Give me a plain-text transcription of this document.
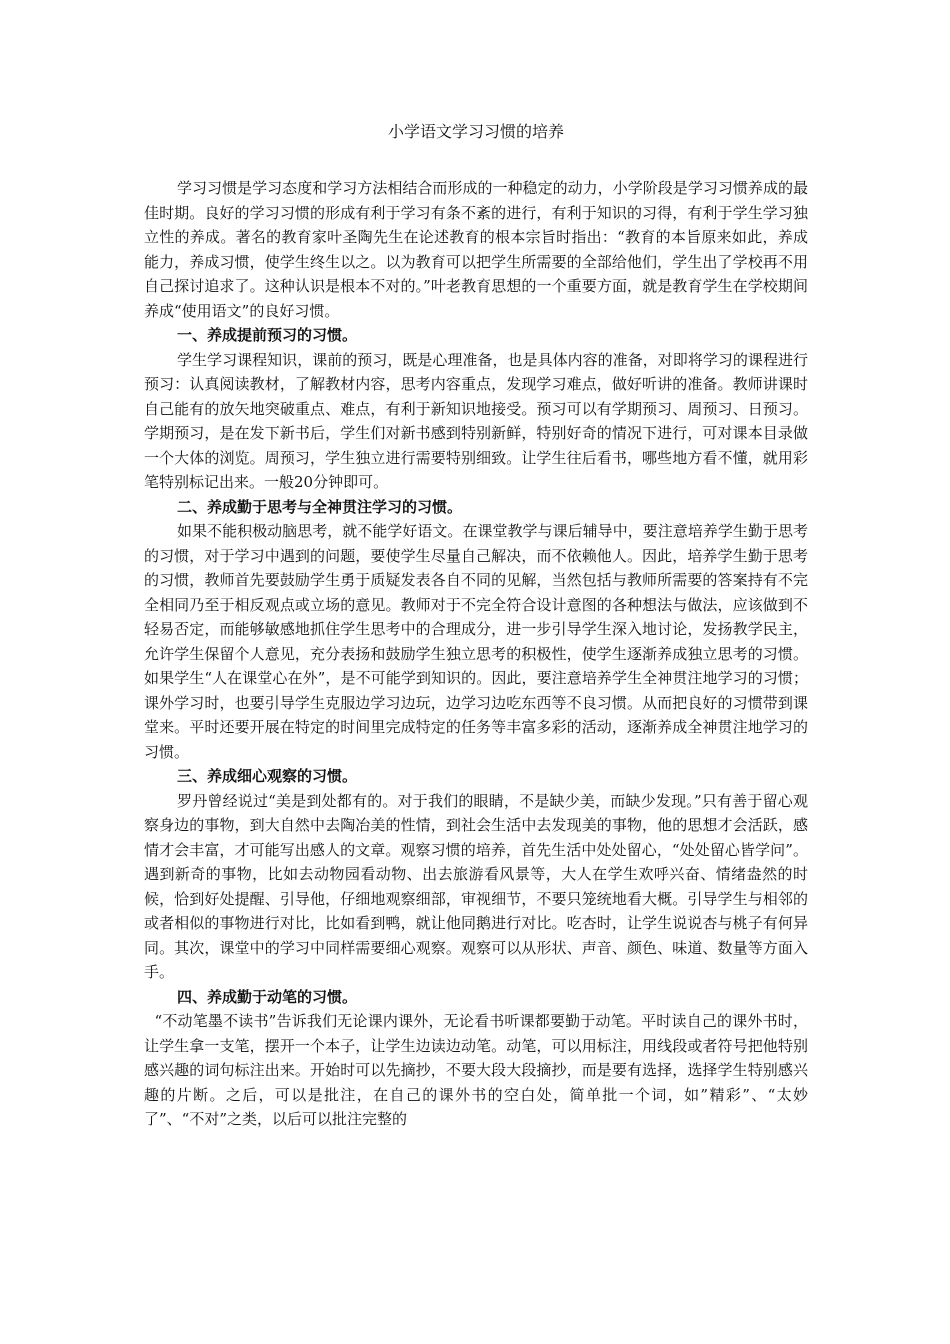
小学语文学习习惯的培养

学习习惯是学习态度和学习方法相结合而形成的一种稳定的动力，小学阶段是学习习惯养成的最佳时期。良好的学习习惯的形成有利于学习有条不紊的进行，有利于知识的习得，有利于学生学习独立性的养成。著名的教育家叶圣陶先生在论述教育的根本宗旨时指出：“教育的本旨原来如此，养成能力，养成习惯，使学生终生以之。以为教育可以把学生所需要的全部给他们，学生出了学校再不用自己探讨追求了。这种认识是根本不对的。”叶老教育思想的一个重要方面，就是教育学生在学校期间养成“使用语文”的良好习惯。

一、养成提前预习的习惯。

学生学习课程知识，课前的预习，既是心理准备，也是具体内容的准备，对即将学习的课程进行预习：认真阅读教材，了解教材内容，思考内容重点，发现学习难点，做好听讲的准备。教师讲课时自己能有的放矢地突破重点、难点，有利于新知识地接受。预习可以有学期预习、周预习、日预习。学期预习，是在发下新书后，学生们对新书感到特别新鲜，特别好奇的情况下进行，可对课本目录做一个大体的浏览。周预习，学生独立进行需要特别细致。让学生往后看书，哪些地方看不懂，就用彩笔特别标记出来。一般20分钟即可。

二、养成勤于思考与全神贯注学习的习惯。

如果不能积极动脑思考，就不能学好语文。在课堂教学与课后辅导中，要注意培养学生勤于思考的习惯，对于学习中遇到的问题，要使学生尽量自己解决，而不依赖他人。因此，培养学生勤于思考的习惯，教师首先要鼓励学生勇于质疑发表各自不同的见解，当然包括与教师所需要的答案持有不完全相同乃至于相反观点或立场的意见。教师对于不完全符合设计意图的各种想法与做法，应该做到不轻易否定，而能够敏感地抓住学生思考中的合理成分，进一步引导学生深入地讨论，发扬教学民主，允许学生保留个人意见，充分表扬和鼓励学生独立思考的积极性，使学生逐渐养成独立思考的习惯。如果学生“人在课堂心在外”，是不可能学到知识的。因此，要注意培养学生全神贯注地学习的习惯；课外学习时，也要引导学生克服边学习边玩，边学习边吃东西等不良习惯。从而把良好的习惯带到课堂来。平时还要开展在特定的时间里完成特定的任务等丰富多彩的活动，逐渐养成全神贯注地学习的习惯。

三、养成细心观察的习惯。

罗丹曾经说过“美是到处都有的。对于我们的眼睛，不是缺少美，而缺少发现。”只有善于留心观察身边的事物，到大自然中去陶冶美的性情，到社会生活中去发现美的事物，他的思想才会活跃，感情才会丰富，才可能写出感人的文章。观察习惯的培养，首先生活中处处留心，“处处留心皆学问”。遇到新奇的事物，比如去动物园看动物、出去旅游看风景等，大人在学生欢呼兴奋、情绪盎然的时候，恰到好处提醒、引导他，仔细地观察细部，审视细节，不要只笼统地看大概。引导学生与相邻的或者相似的事物进行对比，比如看到鸭，就让他同鹅进行对比。吃杏时，让学生说说杏与桃子有何异同。其次，课堂中的学习中同样需要细心观察。观察可以从形状、声音、颜色、味道、数量等方面入手。

四、养成勤于动笔的习惯。

“不动笔墨不读书”告诉我们无论课内课外，无论看书听课都要勤于动笔。平时读自己的课外书时，让学生拿一支笔，摆开一个本子，让学生边读边动笔。动笔，可以用标注，用线段或者符号把他特别感兴趣的词句标注出来。开始时可以先摘抄，不要大段大段摘抄，而是要有选择，选择学生特别感兴趣的片断。之后，可以是批注，在自己的课外书的空白处，简单批一个词，如”精彩”、“太妙了”、“不对”之类，以后可以批注完整的
